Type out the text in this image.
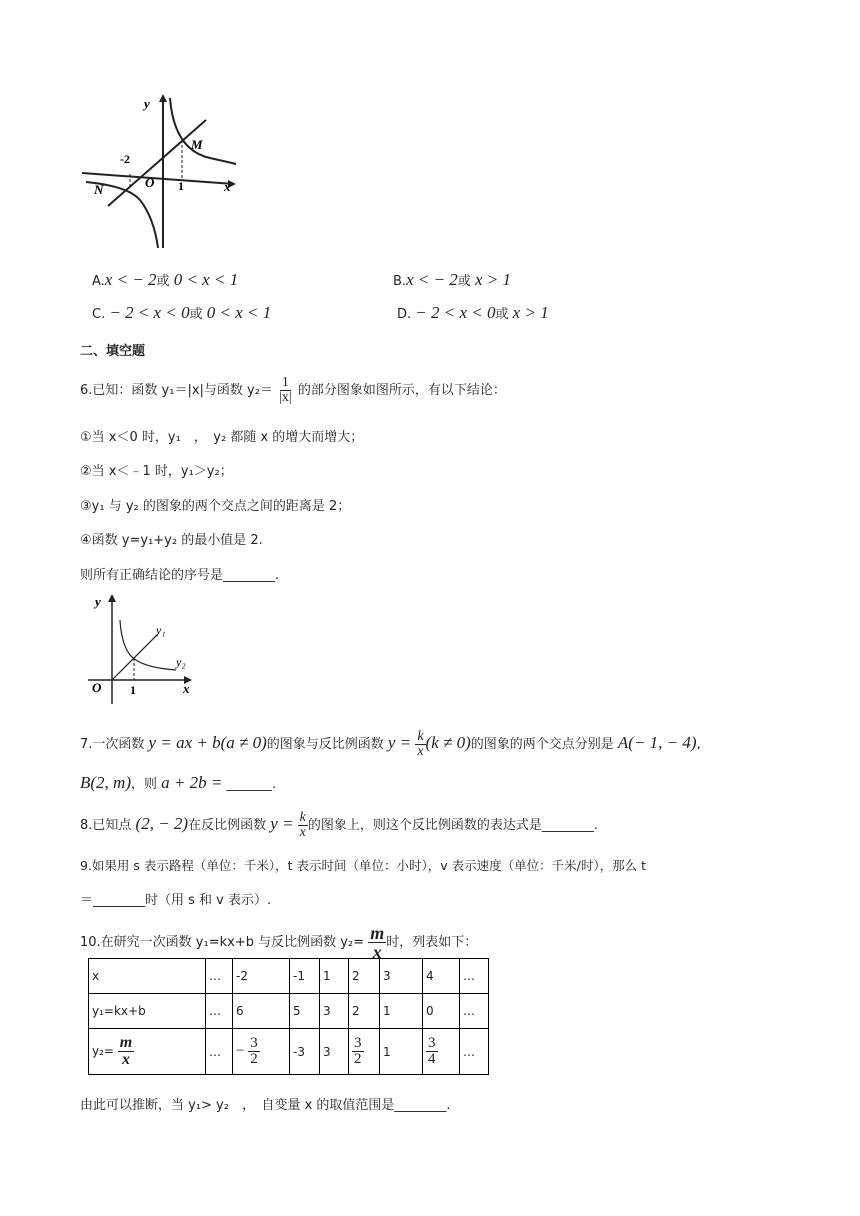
y
M
-2
O 1	x
N
A.x < − 2或 0 < x < 1	B.x < − 2或 x > 1
C. − 2 < x < 0或 0 < x < 1	D. − 2 < x < 0或 x > 1
二、填空题
6.已知：函数 y₁＝|x|与函数 $y_2= \frac{1}{|x|}$ 的部分图象如图所示，有以下结论：
①当 x＜0 时，y₁　，　y₂ 都随 x 的增大而增大；
②当 x＜﹣1 时，y₁＞y₂；
③y₁ 与 y₂ 的图象的两个交点之间的距离是 2；
④函数 y=y₁+y₂ 的最小值是 2.
则所有正确结论的序号是________.
y
y₁
y₂
O 1	x
7.一次函数 y = ax + b(a ≠ 0)的图象与反比例函数 $y = \frac{k}{x} (k \ne 0)$的图象的两个交点分别是 A(− 1, − 4),
B(2, m)，则 a + 2b = _______.
8.已知点 (2, − 2)在反比例函数 $y = \frac{k}{x}$ 的图象上，则这个反比例函数的表达式是________.
9.如果用 s 表示路程（单位：千米），t 表示时间（单位：小时），v 表示速度（单位：千米/时），那么 t
＝________时（用 s 和 v 表示）.
10.在研究一次函数 y₁=kx+b 与反比例函数 $y_2= \frac{m}{x}$ 时，列表如下：
x	…	-2	-1	1	2	3	4	…
y₁=kx+b	…	6	5	3	2	1	0	…
$y_2= \frac{m}{x}$	…	− $\frac{3}{2}$	-3	3	$\frac{3}{2}$	1	$\frac{3}{4}$	…
由此可以推断，当 y₁> y₂　，　自变量 x 的取值范围是________.
